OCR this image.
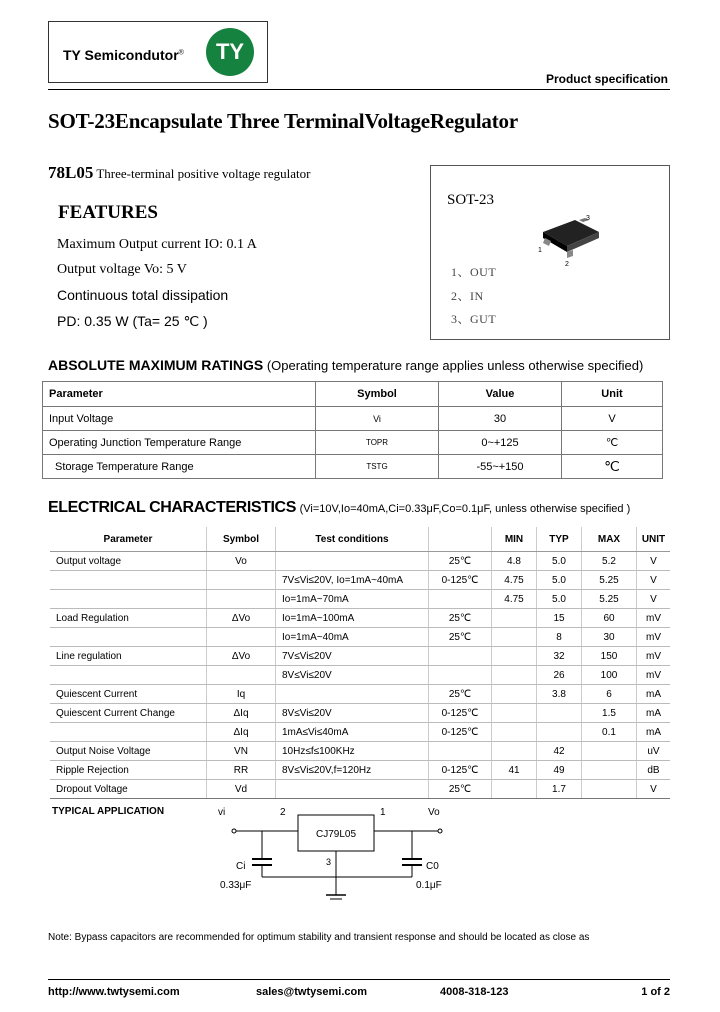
TY Semicondutor®	TY
Product specification
SOT-23Encapsulate Three TerminalVoltageRegulator
78L05 Three-terminal positive voltage regulator
FEATURES
Maximum Output current IO: 0.1 A
Output voltage Vo: 5 V
Continuous total dissipation
PD: 0.35 W (Ta= 25 ℃ )
SOT-23
1
2
3
1、OUT
2、IN
3、GUT
ABSOLUTE MAXIMUM RATINGS (Operating temperature range applies unless otherwise specified)
Parameter	Symbol	Value	Unit
Input Voltage	Vi	30	V
Operating Junction Temperature Range	TOPR	0~+125	℃
Storage Temperature Range	TSTG	-55~+150	℃
ELECTRICAL CHARACTERISTICS (Vi=10V,Io=40mA,Ci=0.33μF,Co=0.1μF, unless otherwise specified )
Parameter	Symbol	Test conditions		MIN	TYP	MAX	UNIT
Output voltage	Vo		25℃	4.8	5.0	5.2	V
		7V≤Vi≤20V, Io=1mA~40mA	0-125℃	4.75	5.0	5.25	V
		Io=1mA~70mA		4.75	5.0	5.25	V
Load Regulation	ΔVo	Io=1mA~100mA	25℃		15	60	mV
		Io=1mA~40mA	25℃		8	30	mV
Line regulation	ΔVo	7V≤Vi≤20V			32	150	mV
		8V≤Vi≤20V			26	100	mV
Quiescent Current	Iq		25℃		3.8	6	mA
Quiescent Current Change	ΔIq	8V≤Vi≤20V	0-125℃			1.5	mA
	ΔIq	1mA≤Vi≤40mA	0-125℃			0.1	mA
Output Noise Voltage	VN	10Hz≤f≤100KHz			42		uV
Ripple Rejection	RR	8V≤Vi≤20V,f=120Hz	0-125℃	41	49		dB
Dropout Voltage	Vd		25℃		1.7		V
TYPICAL APPLICATION	vi	2	1	Vo
CJ79L05
Ci
0.33μF
C0
0.1μF
3
Note: Bypass capacitors are recommended for optimum stability and transient response and should be located as close as
http://www.twtysemi.com	sales@twtysemi.com	4008-318-123	1 of 2
